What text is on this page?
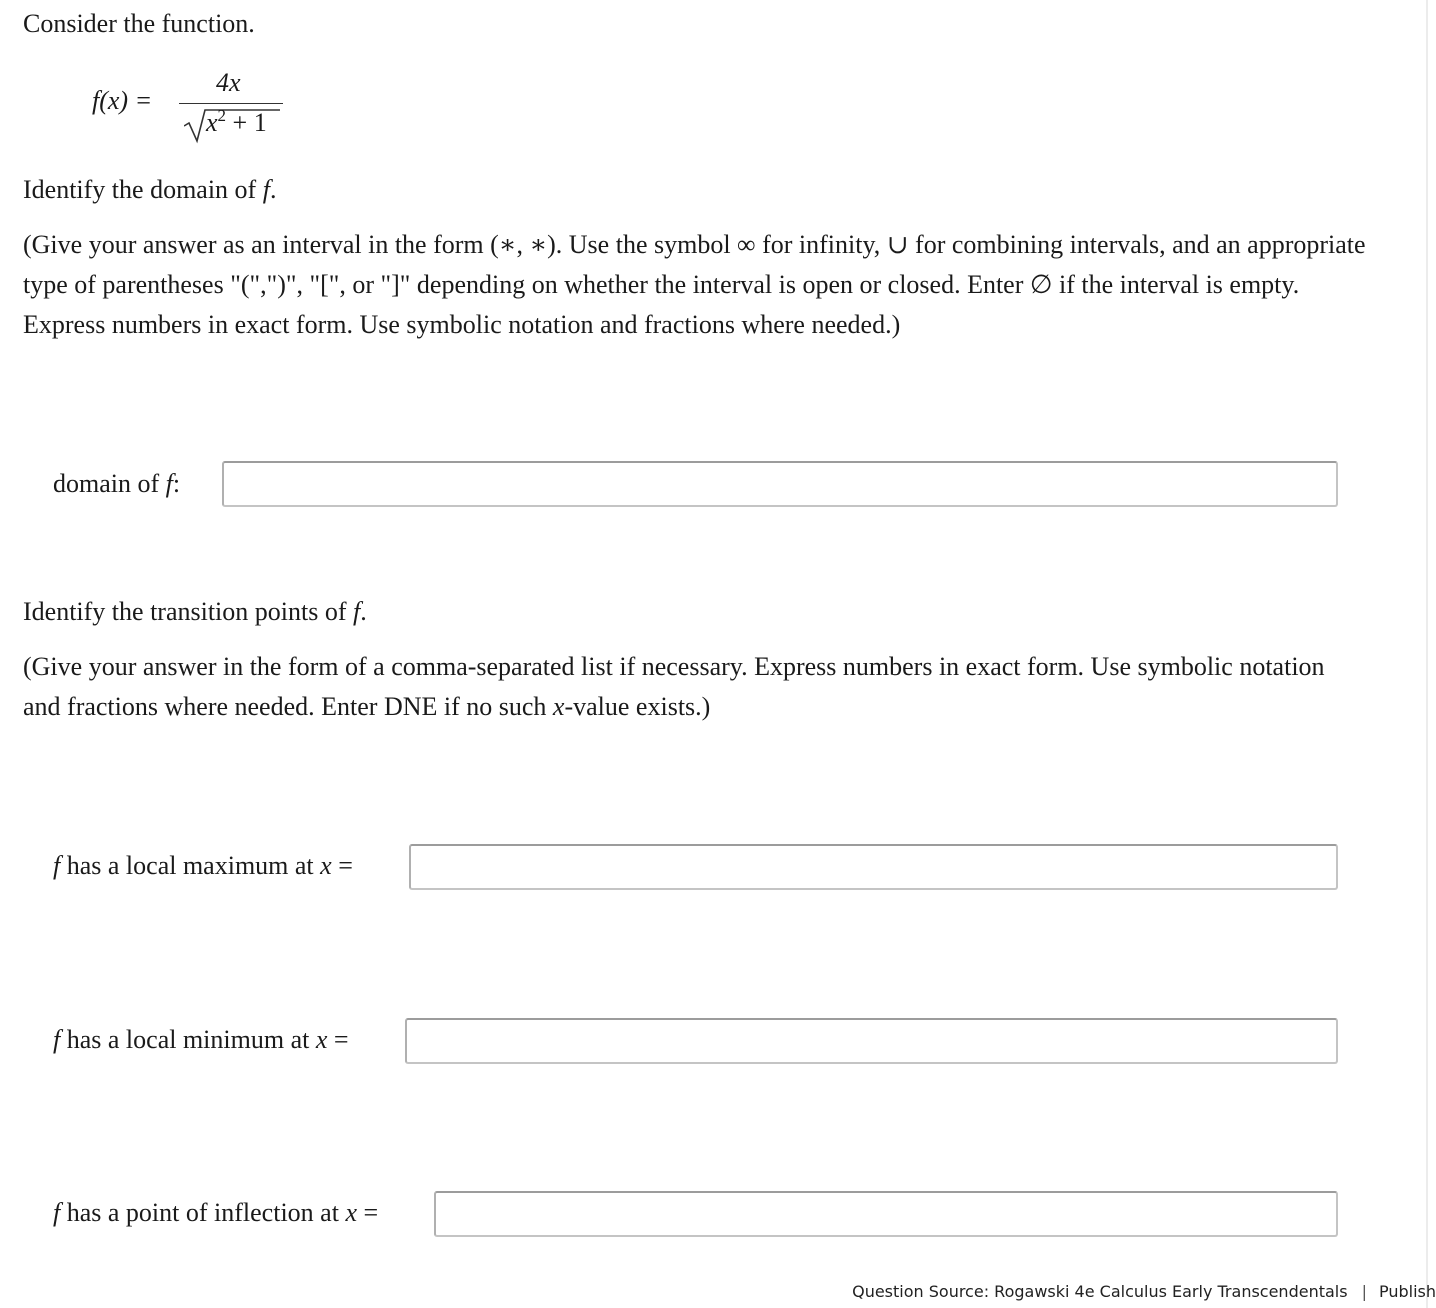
Consider the function.

f(x) =
4x
$x^2 + 1$

Identify the domain of f.

(Give your answer as an interval in the form (∗, ∗). Use the symbol ∞ for infinity, ∪ for combining intervals, and an appropriate
type of parentheses "(",")", "[", or "]" depending on whether the interval is open or closed. Enter ∅ if the interval is empty.
Express numbers in exact form. Use symbolic notation and fractions where needed.)

domain of f:

Identify the transition points of f.

(Give your answer in the form of a comma-separated list if necessary. Express numbers in exact form. Use symbolic notation
and fractions where needed. Enter DNE if no such x-value exists.)

f has a local maximum at x =
f has a local minimum at x =
f has a point of inflection at x =
Question Source: Rogawski 4e Calculus Early Transcendentals | Publish
